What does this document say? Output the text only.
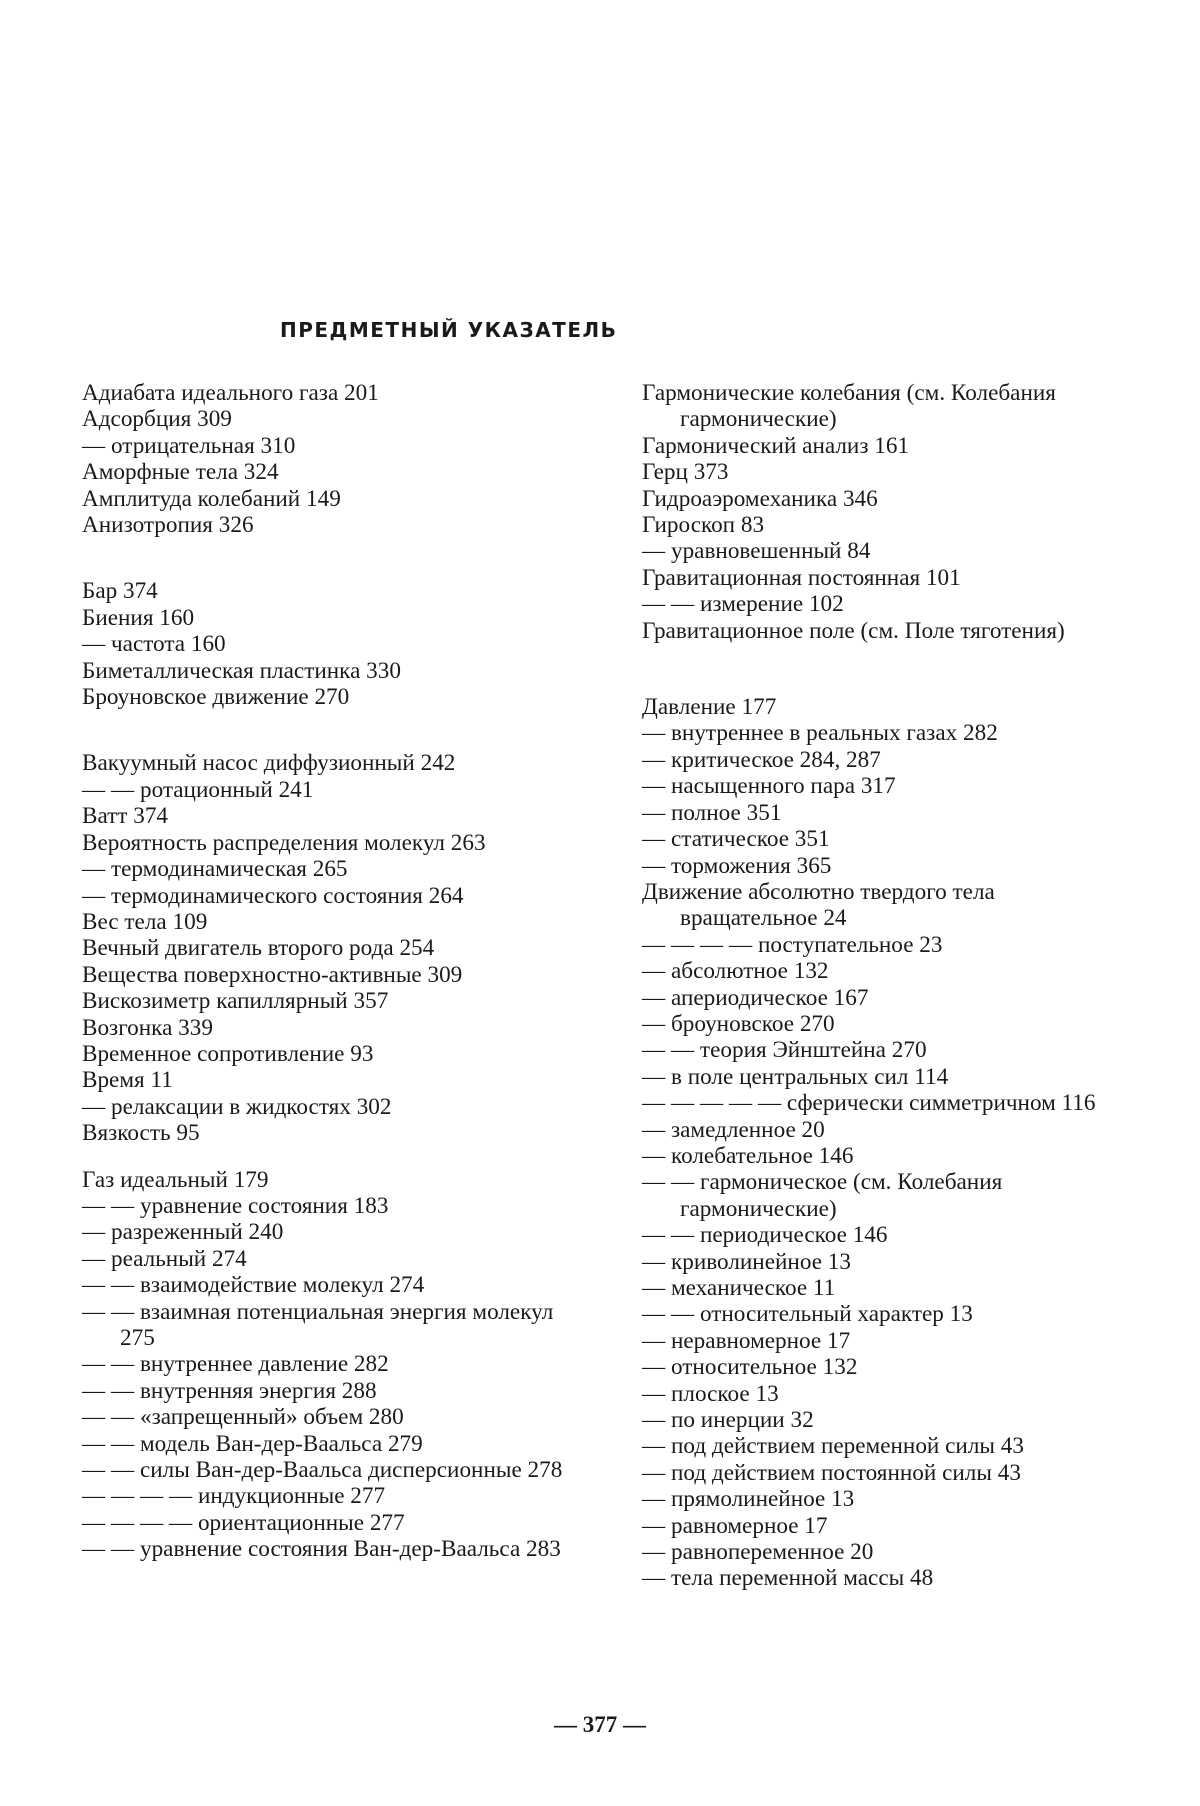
ПРЕДМЕТНЫЙ УКАЗАТЕЛЬ
Адиабата идеального газа 201
Адсорбция 309
— отрицательная 310
Аморфные тела 324
Амплитуда колебаний 149
Анизотропия 326
Бар 374
Биения 160
— частота 160
Биметаллическая пластинка 330
Броуновское движение 270
Вакуумный насос диффузионный 242
— — ротационный 241
Ватт 374
Вероятность распределения молекул 263
— термодинамическая 265
— термодинамического состояния 264
Вес тела 109
Вечный двигатель второго рода 254
Вещества поверхностно-активные 309
Вискозиметр капиллярный 357
Возгонка 339
Временное сопротивление 93
Время 11
— релаксации в жидкостях 302
Вязкость 95
Газ идеальный 179
— — уравнение состояния 183
— разреженный 240
— реальный 274
— — взаимодействие молекул 274
— — взаимная потенциальная энергия молекул 275
— — внутреннее давление 282
— — внутренняя энергия 288
— — «запрещенный» объем 280
— — модель Ван-дер-Ваальса 279
— — силы Ван-дер-Ваальса дисперсионные 278
— — — — индукционные 277
— — — — ориентационные 277
— — уравнение состояния Ван-дер-Ваальса 283
Гармонические колебания (см. Колебания гармонические)
Гармонический анализ 161
Герц 373
Гидроаэромеханика 346
Гироскоп 83
— уравновешенный 84
Гравитационная постоянная 101
— — измерение 102
Гравитационное поле (см. Поле тяготения)
Давление 177
— внутреннее в реальных газах 282
— критическое 284, 287
— насыщенного пара 317
— полное 351
— статическое 351
— торможения 365
Движение абсолютно твердого тела вращательное 24
— — — — поступательное 23
— абсолютное 132
— апериодическое 167
— броуновское 270
— — теория Эйнштейна 270
— в поле центральных сил 114
— — — — — сферически симметричном 116
— замедленное 20
— колебательное 146
— — гармоническое (см. Колебания гармонические)
— — периодическое 146
— криволинейное 13
— механическое 11
— — относительный характер 13
— неравномерное 17
— относительное 132
— плоское 13
— по инерции 32
— под действием переменной силы 43
— под действием постоянной силы 43
— прямолинейное 13
— равномерное 17
— равнопеременное 20
— тела переменной массы 48
— 377 —
